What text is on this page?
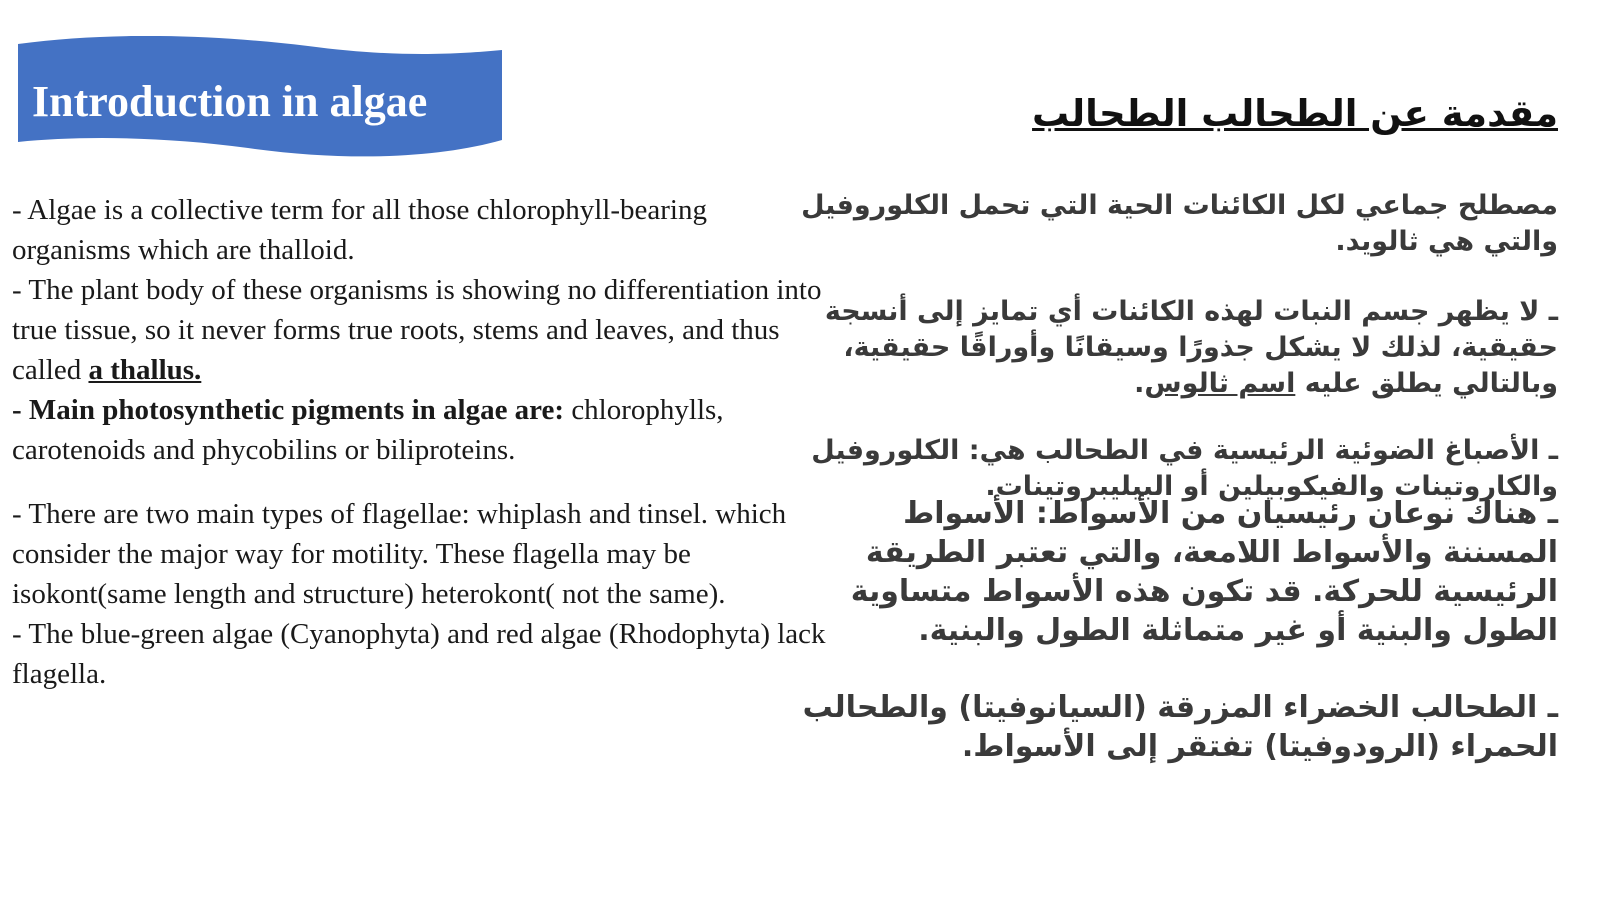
Introduction in algae	مقدمة عن الطحالب الطحالب

- Algae is a collective term for all those chlorophyll-bearing organisms which are thalloid.

- The plant body of these organisms is showing no differentiation into true tissue, so it never forms true roots, stems and leaves, and thus called a thallus.

- Main photosynthetic pigments in algae are: chlorophylls, carotenoids and phycobilins or biliproteins.

- There are two main types of flagellae: whiplash and tinsel. which consider the major way for motility. These flagella may be isokont(same length and structure) heterokont( not the same).

- The blue-green algae (Cyanophyta) and red algae (Rhodophyta) lack flagella.

مصطلح جماعي لكل الكائنات الحية التي تحمل الكلوروفيل والتي هي ثالويد.

ـ لا يظهر جسم النبات لهذه الكائنات أي تمايز إلى أنسجة حقيقية، لذلك لا يشكل جذورًا وسيقانًا وأوراقًا حقيقية، وبالتالي يطلق عليه اسم ثالوس.

ـ الأصباغ الضوئية الرئيسية في الطحالب هي: الكلوروفيل والكاروتينات والفيكوبيلين أو البيليبروتينات.

ـ هناك نوعان رئيسيان من الأسواط: الأسواط المسننة والأسواط اللامعة، والتي تعتبر الطريقة الرئيسية للحركة. قد تكون هذه الأسواط متساوية الطول والبنية أو غير متماثلة الطول والبنية.

ـ الطحالب الخضراء المزرقة (السيانوفيتا) والطحالب الحمراء (الرودوفيتا) تفتقر إلى الأسواط.
